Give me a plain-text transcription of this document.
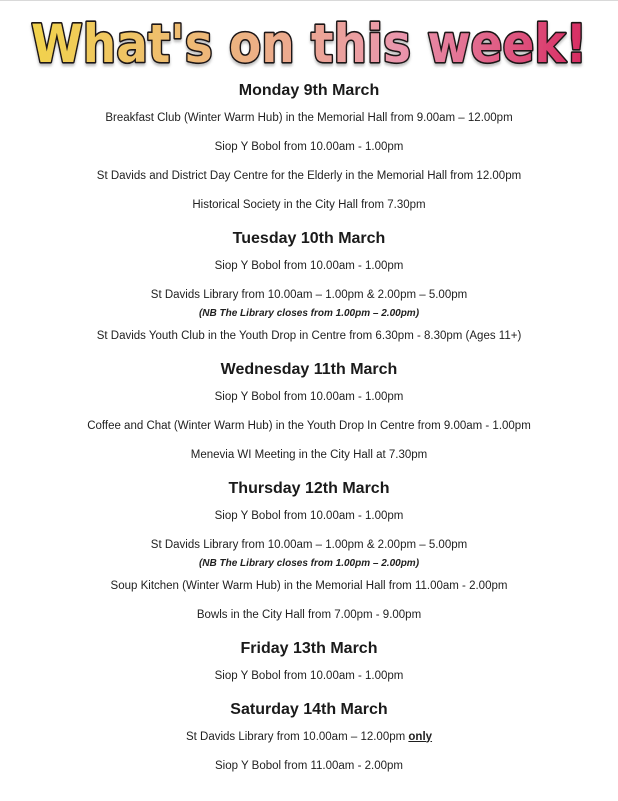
What's on this week!
Monday 9th March

Breakfast Club (Winter Warm Hub) in the Memorial Hall from 9.00am – 12.00pm

Siop Y Bobol from 10.00am - 1.00pm

St Davids and District Day Centre for the Elderly in the Memorial Hall from 12.00pm

Historical Society in the City Hall from 7.30pm

Tuesday 10th March

Siop Y Bobol from 10.00am - 1.00pm

St Davids Library from 10.00am – 1.00pm & 2.00pm – 5.00pm

(NB The Library closes from 1.00pm – 2.00pm)

St Davids Youth Club in the Youth Drop in Centre from 6.30pm - 8.30pm (Ages 11+)

Wednesday 11th March

Siop Y Bobol from 10.00am - 1.00pm

Coffee and Chat (Winter Warm Hub) in the Youth Drop In Centre from 9.00am - 1.00pm

Menevia WI Meeting in the City Hall at 7.30pm

Thursday 12th March

Siop Y Bobol from 10.00am - 1.00pm

St Davids Library from 10.00am – 1.00pm & 2.00pm – 5.00pm

(NB The Library closes from 1.00pm – 2.00pm)

Soup Kitchen (Winter Warm Hub) in the Memorial Hall from 11.00am - 2.00pm

Bowls in the City Hall from 7.00pm - 9.00pm

Friday 13th March

Siop Y Bobol from 10.00am - 1.00pm

Saturday 14th March

St Davids Library from 10.00am – 12.00pm only

Siop Y Bobol from 11.00am - 2.00pm
